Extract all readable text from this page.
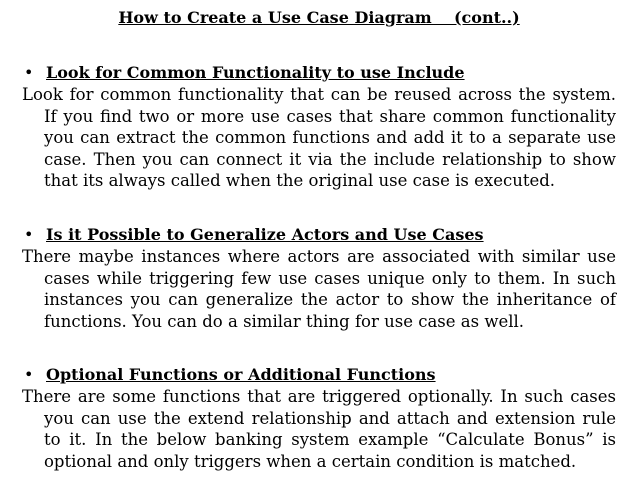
How to Create a Use Case Diagram    (cont..)
• Look for Common Functionality to use Include

Look for common functionality that can be reused across the system. If you find two or more use cases that share common functionality you can extract the common functions and add it to a separate use case. Then you can connect it via the include relationship to show that its always called when the original use case is executed.

• Is it Possible to Generalize Actors and Use Cases

There maybe instances where actors are associated with similar use cases while triggering few use cases unique only to them. In such instances you can generalize the actor to show the inheritance of functions. You can do a similar thing for use case as well.

• Optional Functions or Additional Functions

There are some functions that are triggered optionally. In such cases you can use the extend relationship and attach and extension rule to it. In the below banking system example “Calculate Bonus” is optional and only triggers when a certain condition is matched.
